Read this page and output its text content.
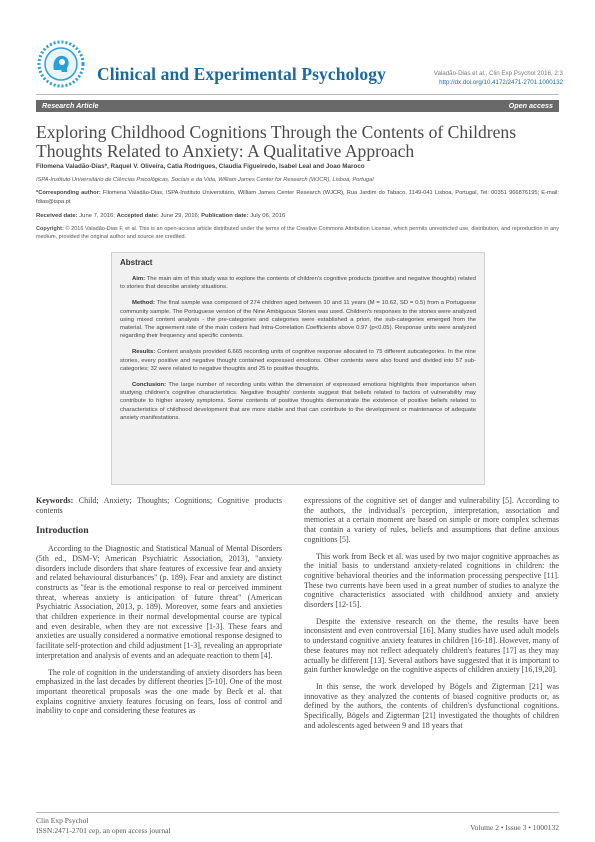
Clinical and Experimental Psychology	Valadão-Dias et al., Clin Exp Psychol 2016, 2:3
http://dx.doi.org/10.4172/2471-2701.1000132
Research Article	Open access
Exploring Childhood Cognitions Through the Contents of Childrens Thoughts Related to Anxiety: A Qualitative Approach
Filomena Valadão-Dias*, Raquel V. Oliveira, Catia Rodrigues, Claudia Figueiredo, Isabel Leal and Joao Maroco
ISPA-Instituto Universitário de Ciências Psicológicas, Sociais e da Vida, William James Center for Research (WJCR), Lisboa, Portugal
*Corresponding author: Filomena Valadão-Dias, ISPA-Instituto Universitário, William James Center Research (WJCR), Rua Jardim do Tabaco, 1149-041 Lisboa, Portugal, Tel: 00351 966876195; E-mail: fdias@ispa.pt
Received date: June 7, 2016; Accepted date: June 29, 2016; Publication date: July 06, 2016
Copyright: © 2016 Valadão-Dias F, et al. This is an open-access article distributed under the terms of the Creative Commons Attribution License, which permits unrestricted use, distribution, and reproduction in any medium, provided the original author and source are credited.
Abstract

Aim: The main aim of this study was to explore the contents of children's cognitive products (positive and negative thoughts) related to stories that describe anxiety situations.

Method: The final sample was composed of 274 children aged between 10 and 11 years (M = 10.62, SD = 0.5) from a Portuguese community sample. The Portuguese version of the Nine Ambiguous Stories was used. Children's responses to the stories were analyzed using mixed content analysis - the pre-categories and categories were established a priori, the sub-categories emerged from the material. The agreement rate of the main coders had Intra-Correlation Coefficients above 0.97 (p<0.05). Response units were analyzed regarding their frequency and specific contents.

Results: Content analysis provided 6.665 recording units of cognitive response allocated to 75 different subcategories. In the nine stories, every positive and negative thought contained expressed emotions. Other contents were also found and divided into 57 sub-categories; 32 were related to negative thoughts and 25 to positive thoughts.

Conclusion: The large number of recording units within the dimension of expressed emotions highlights their importance when studying children's cognitive characteristics. Negative thoughts' contents suggest that beliefs related to factors of vulnerability may contribute to higher anxiety symptoms. Some contents of positive thoughts demonstrate the existence of positive beliefs related to characteristics of childhood development that are more stable and that can contribute to the development or maintenance of adequate anxiety manifestations.

Keywords: Child; Anxiety; Thoughts; Cognitions; Cognitive products contents

Introduction

According to the Diagnostic and Statistical Manual of Mental Disorders (5th ed., DSM-V; American Psychiatric Association, 2013), "anxiety disorders include disorders that share features of excessive fear and anxiety and related behavioural disturbances" (p. 189). Fear and anxiety are distinct constructs as "fear is the emotional response to real or perceived imminent threat, whereas anxiety is anticipation of future threat" (American Psychiatric Association, 2013, p. 189). Moreover, some fears and anxieties that children experience in their normal developmental course are typical and even desirable, when they are not excessive [1-3]. These fears and anxieties are usually considered a normative emotional response designed to facilitate self-protection and child adjustment [1-3], revealing an appropriate interpretation and analysis of events and an adequate reaction to them [4].

The role of cognition in the understanding of anxiety disorders has been emphasized in the last decades by different theories [5-10]. One of the most important theoretical proposals was the one made by Beck et al. that explains cognitive anxiety features focusing on fears, loss of control and inability to cope and considering these features as

expressions of the cognitive set of danger and vulnerability [5]. According to the authors, the individual's perception, interpretation, association and memories at a certain moment are based on simple or more complex schemas that contain a variety of rules, beliefs and assumptions that define anxious cognitions [5].

This work from Beck et al. was used by two major cognitive approaches as the initial basis to understand anxiety-related cognitions in children: the cognitive behavioral theories and the information processing perspective [11]. These two currents have been used in a great number of studies to analyze the cognitive characteristics associated with childhood anxiety and anxiety disorders [12-15].

Despite the extensive research on the theme, the results have been inconsistent and even controversial [16]. Many studies have used adult models to understand cognitive anxiety features in children [16-18]. However, many of these features may not reflect adequately children's features [17] as they may actually be different [13]. Several authors have suggested that it is important to gain further knowledge on the cognitive aspects of children anxiety [16,19,20].

In this sense, the work developed by Bögels and Zigterman [21] was innovative as they analyzed the contents of biased cognitive products or, as defined by the authors, the contents of children's dysfunctional cognitions. Specifically, Bögels and Zigterman [21] investigated the thoughts of children and adolescents aged between 9 and 18 years that

Clin Exp Psychol
ISSN:2471-2701 cep, an open access journal	Volume 2 • Issue 3 • 1000132
